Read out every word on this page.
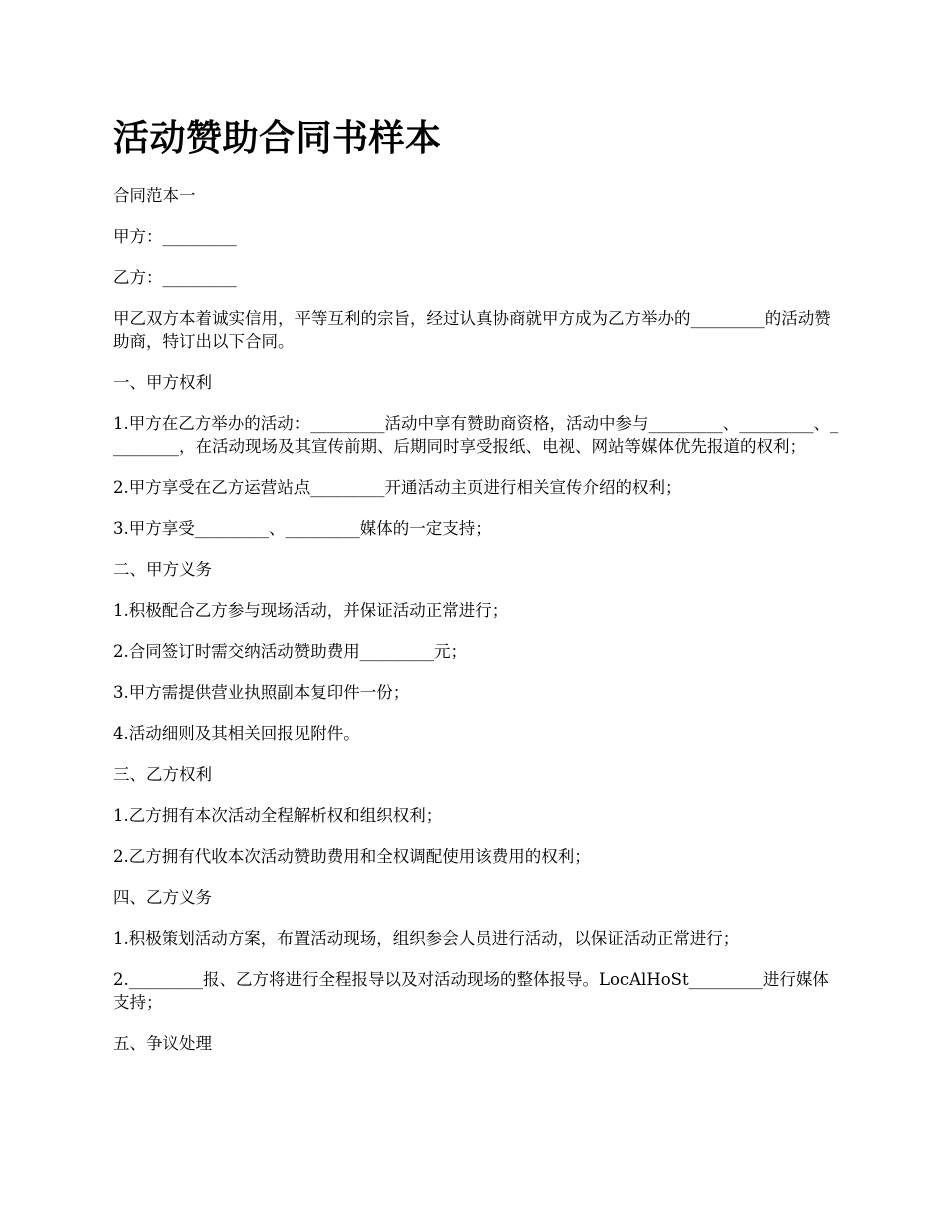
活动赞助合同书样本

合同范本一

甲方：_________

乙方：_________

甲乙双方本着诚实信用，平等互利的宗旨，经过认真协商就甲方成为乙方举办的_________的活动赞助商，特订出以下合同。

一、甲方权利

1.甲方在乙方举办的活动：_________活动中享有赞助商资格，活动中参与_________、_________、_________，在活动现场及其宣传前期、后期同时享受报纸、电视、网站等媒体优先报道的权利；

2.甲方享受在乙方运营站点_________开通活动主页进行相关宣传介绍的权利；

3.甲方享受_________、_________媒体的一定支持；

二、甲方义务

1.积极配合乙方参与现场活动，并保证活动正常进行；

2.合同签订时需交纳活动赞助费用_________元；

3.甲方需提供营业执照副本复印件一份；

4.活动细则及其相关回报见附件。

三、乙方权利

1.乙方拥有本次活动全程解析权和组织权利；

2.乙方拥有代收本次活动赞助费用和全权调配使用该费用的权利；

四、乙方义务

1.积极策划活动方案，布置活动现场，组织参会人员进行活动，以保证活动正常进行；

2._________报、乙方将进行全程报导以及对活动现场的整体报导。LocAlHoSt_________进行媒体支持；

五、争议处理
